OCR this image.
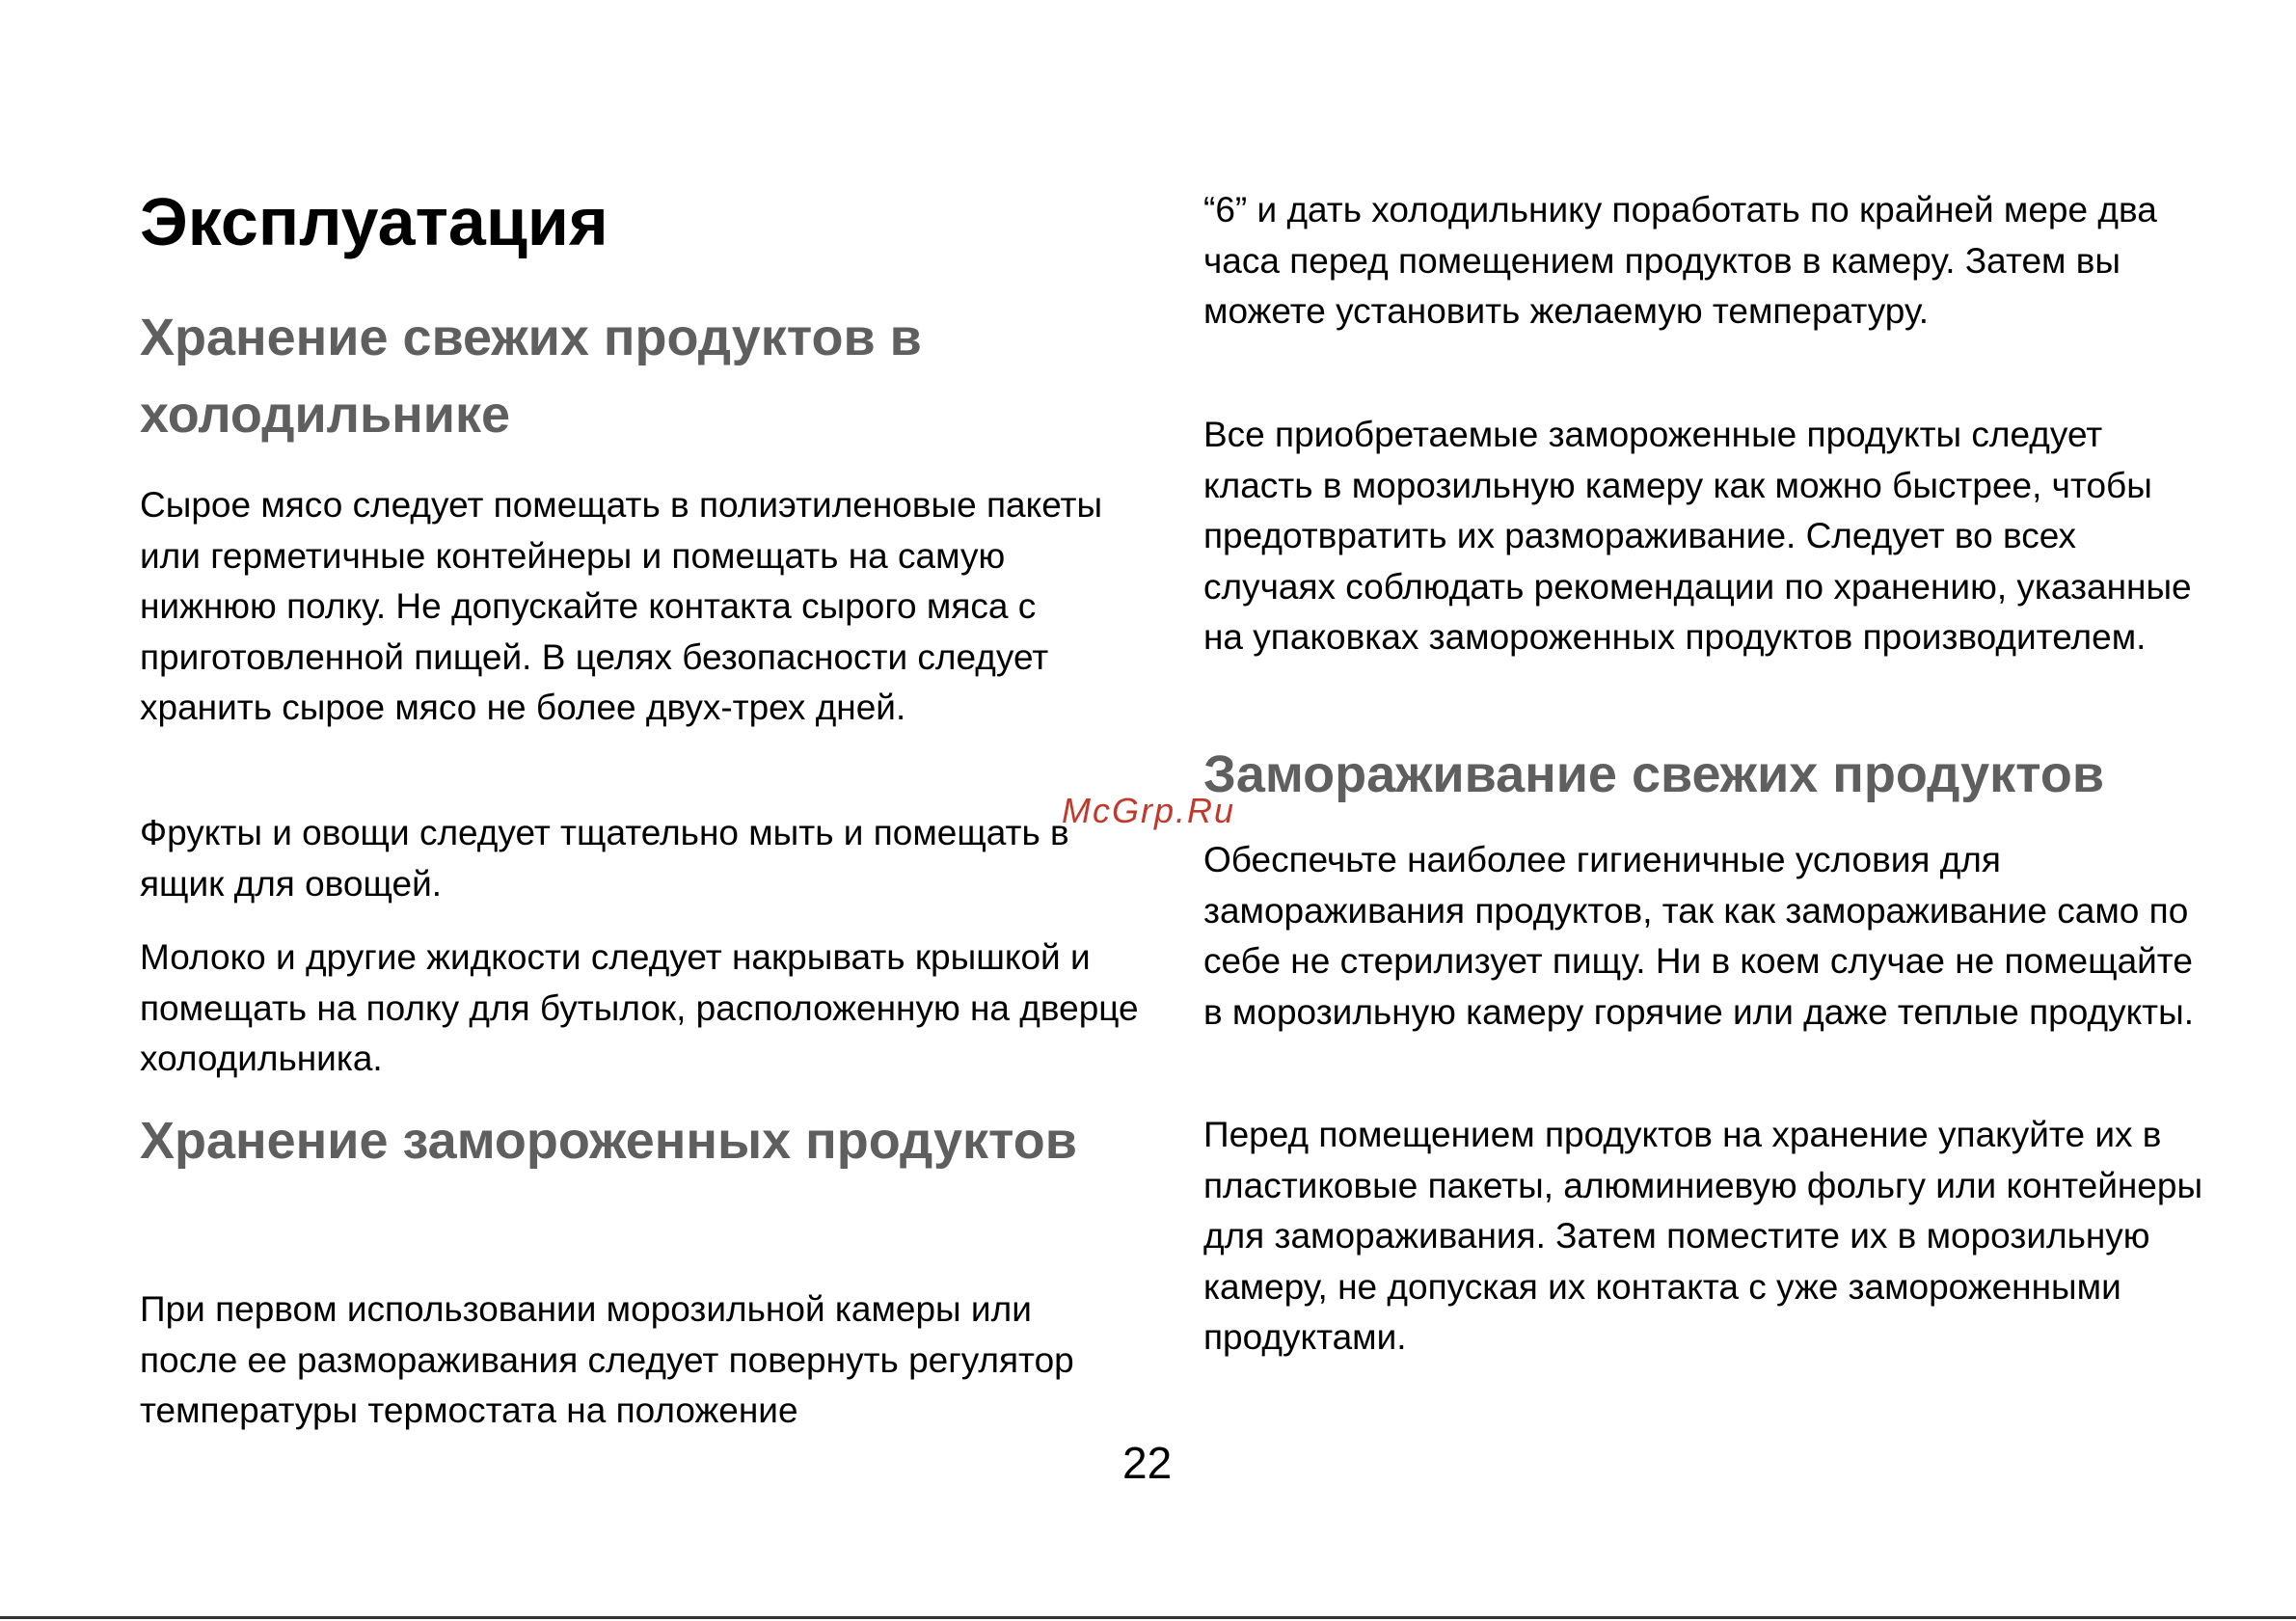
Эксплуатация
Хранение свежих продуктов в холодильнике

Сырое мясо следует помещать в полиэтиленовые пакеты или герметичные контейнеры и помещать на самую нижнюю полку. Не допускайте контакта сырого мяса с приготовленной пищей. В целях безопасности следует хранить сырое мясо не более двух-трех дней.

Фрукты и овощи следует тщательно мыть и помещать в ящик для овощей.

Молоко и другие жидкости следует накрывать крышкой и помещать на полку для бутылок, расположенную на дверце холодильника.

Хранение замороженных продуктов

При первом использовании морозильной камеры или после ее размораживания следует повернуть регулятор температуры термостата на положение

“6” и дать холодильнику поработать по крайней мере два часа перед помещением продуктов в камеру. Затем вы можете установить желаемую температуру.

Все приобретаемые замороженные продукты следует класть в морозильную камеру как можно быстрее, чтобы предотвратить их размораживание. Следует во всех случаях соблюдать рекомендации по хранению, указанные на упаковках замороженных продуктов производителем.

Замораживание свежих продуктов

Обеспечьте наиболее гигиеничные условия для замораживания продуктов, так как замораживание само по себе не стерилизует пищу. Ни в коем случае не помещайте в морозильную камеру горячие или даже теплые продукты.

Перед помещением продуктов на хранение упакуйте их в пластиковые пакеты, алюминиевую фольгу или контейнеры для замораживания. Затем поместите их в морозильную камеру, не допуская их контакта с уже замороженными продуктами.

McGrp.Ru
22
